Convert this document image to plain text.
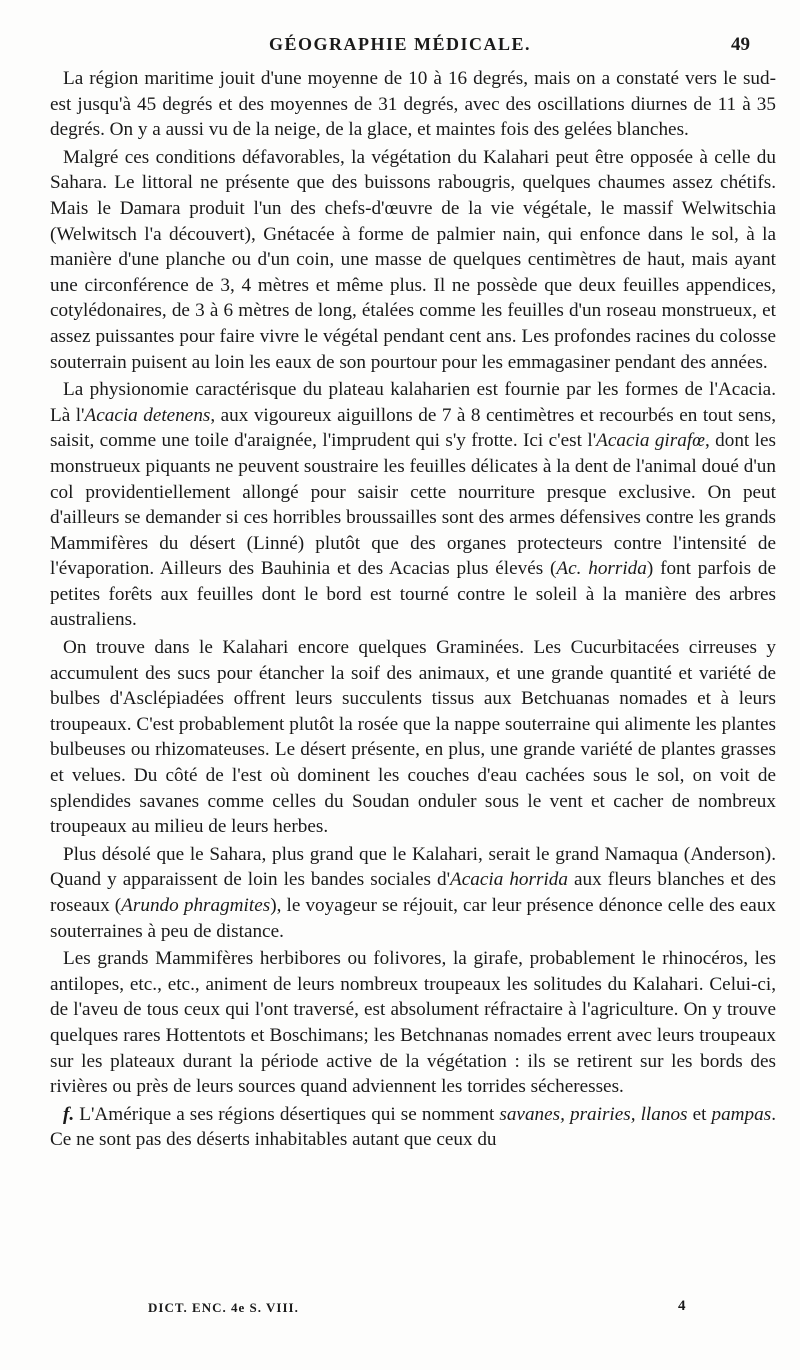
GÉOGRAPHIE MÉDICALE.	49

La région maritime jouit d'une moyenne de 10 à 16 degrés, mais on a constaté vers le sud-est jusqu'à 45 degrés et des moyennes de 31 degrés, avec des oscillations diurnes de 11 à 35 degrés. On y a aussi vu de la neige, de la glace, et maintes fois des gelées blanches.

Malgré ces conditions défavorables, la végétation du Kalahari peut être opposée à celle du Sahara. Le littoral ne présente que des buissons rabougris, quelques chaumes assez chétifs. Mais le Damara produit l'un des chefs-d'œuvre de la vie végétale, le massif Welwitschia (Welwitsch l'a découvert), Gnétacée à forme de palmier nain, qui enfonce dans le sol, à la manière d'une planche ou d'un coin, une masse de quelques centimètres de haut, mais ayant une circonférence de 3, 4 mètres et même plus. Il ne possède que deux feuilles appendices, cotylédonaires, de 3 à 6 mètres de long, étalées comme les feuilles d'un roseau monstrueux, et assez puissantes pour faire vivre le végétal pendant cent ans. Les profondes racines du colosse souterrain puisent au loin les eaux de son pourtour pour les emmagasiner pendant des années.

La physionomie caractérisque du plateau kalaharien est fournie par les formes de l'Acacia. Là l'Acacia detenens, aux vigoureux aiguillons de 7 à 8 centimètres et recourbés en tout sens, saisit, comme une toile d'araignée, l'imprudent qui s'y frotte. Ici c'est l'Acacia girafœ, dont les monstrueux piquants ne peuvent soustraire les feuilles délicates à la dent de l'animal doué d'un col providentiellement allongé pour saisir cette nourriture presque exclusive. On peut d'ailleurs se demander si ces horribles broussailles sont des armes défensives contre les grands Mammifères du désert (Linné) plutôt que des organes protecteurs contre l'intensité de l'évaporation. Ailleurs des Bauhinia et des Acacias plus élevés (Ac. horrida) font parfois de petites forêts aux feuilles dont le bord est tourné contre le soleil à la manière des arbres australiens.

On trouve dans le Kalahari encore quelques Graminées. Les Cucurbitacées cirreuses y accumulent des sucs pour étancher la soif des animaux, et une grande quantité et variété de bulbes d'Asclépiadées offrent leurs succulents tissus aux Betchuanas nomades et à leurs troupeaux. C'est probablement plutôt la rosée que la nappe souterraine qui alimente les plantes bulbeuses ou rhizomateuses. Le désert présente, en plus, une grande variété de plantes grasses et velues. Du côté de l'est où dominent les couches d'eau cachées sous le sol, on voit de splendides savanes comme celles du Soudan onduler sous le vent et cacher de nombreux troupeaux au milieu de leurs herbes.

Plus désolé que le Sahara, plus grand que le Kalahari, serait le grand Namaqua (Anderson). Quand y apparaissent de loin les bandes sociales d'Acacia horrida aux fleurs blanches et des roseaux (Arundo phragmites), le voyageur se réjouit, car leur présence dénonce celle des eaux souterraines à peu de distance.

Les grands Mammifères herbibores ou folivores, la girafe, probablement le rhinocéros, les antilopes, etc., etc., animent de leurs nombreux troupeaux les solitudes du Kalahari. Celui-ci, de l'aveu de tous ceux qui l'ont traversé, est absolument réfractaire à l'agriculture. On y trouve quelques rares Hottentots et Boschimans; les Betchnanas nomades errent avec leurs troupeaux sur les plateaux durant la période active de la végétation : ils se retirent sur les bords des rivières ou près de leurs sources quand adviennent les torrides sécheresses.

f. L'Amérique a ses régions désertiques qui se nomment savanes, prairies, llanos et pampas. Ce ne sont pas des déserts inhabitables autant que ceux du

DICT. ENC. 4e S. VIII.	4
